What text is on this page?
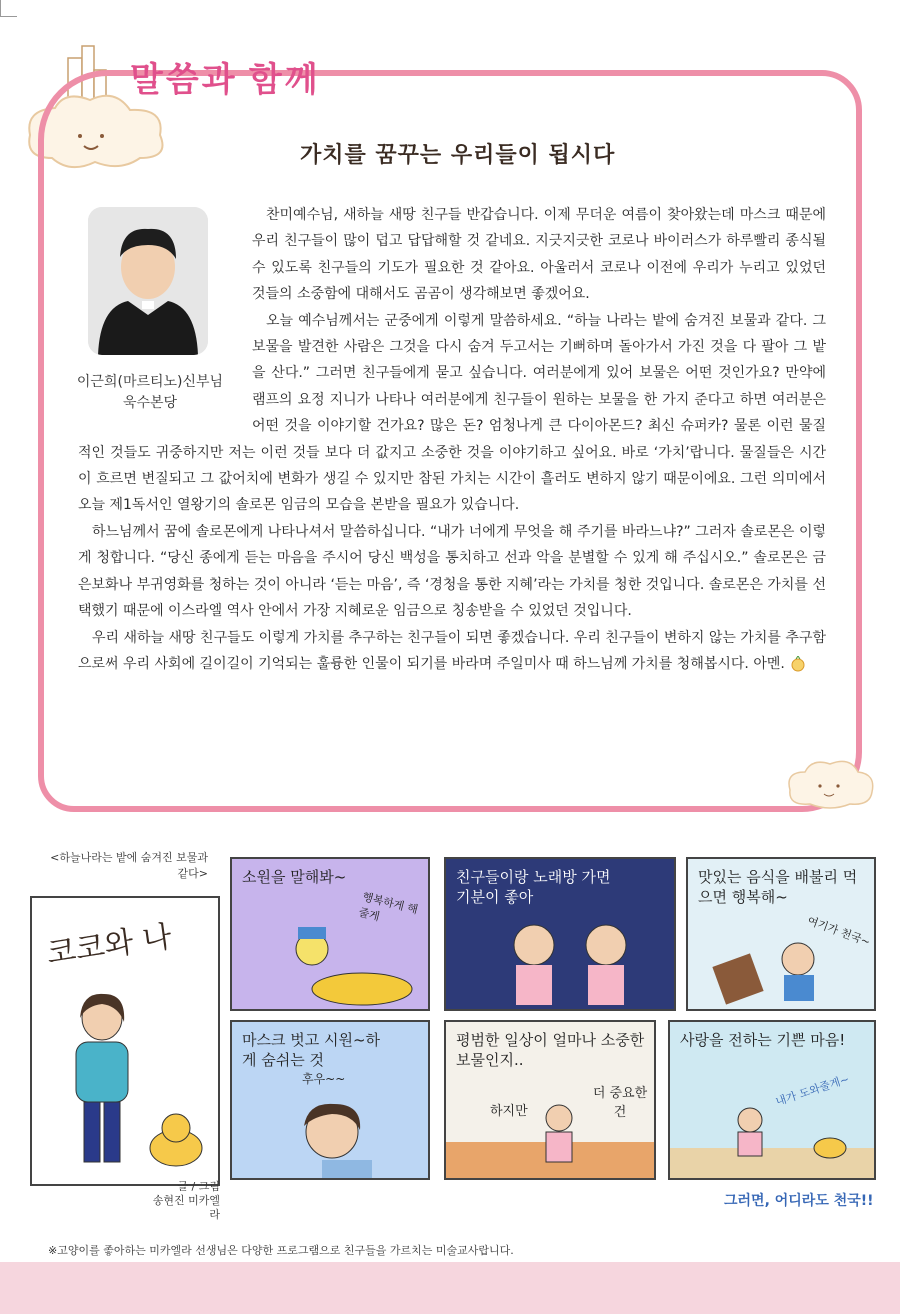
말씀과 함께
가치를 꿈꾸는 우리들이 됩시다
이근희(마르티노)신부님
욱수본당

찬미예수님, 새하늘 새땅 친구들 반갑습니다. 이제 무더운 여름이 찾아왔는데 마스크 때문에 우리 친구들이 많이 덥고 답답해할 것 같네요. 지긋지긋한 코로나 바이러스가 하루빨리 종식될 수 있도록 친구들의 기도가 필요한 것 같아요. 아울러서 코로나 이전에 우리가 누리고 있었던 것들의 소중함에 대해서도 곰곰이 생각해보면 좋겠어요.

오늘 예수님께서는 군중에게 이렇게 말씀하세요. “하늘 나라는 밭에 숨겨진 보물과 같다. 그 보물을 발견한 사람은 그것을 다시 숨겨 두고서는 기뻐하며 돌아가서 가진 것을 다 팔아 그 밭을 산다.” 그러면 친구들에게 묻고 싶습니다. 여러분에게 있어 보물은 어떤 것인가요? 만약에 램프의 요정 지니가 나타나 여러분에게 친구들이 원하는 보물을 한 가지 준다고 하면 여러분은 어떤 것을 이야기할 건가요? 많은 돈? 엄청나게 큰 다이아몬드? 최신 슈퍼카? 물론 이런 물질적인 것들도 귀중하지만 저는 이런 것들 보다 더 값지고 소중한 것을 이야기하고 싶어요. 바로 ‘가치’랍니다. 물질들은 시간이 흐르면 변질되고 그 값어치에 변화가 생길 수 있지만 참된 가치는 시간이 흘러도 변하지 않기 때문이에요. 그런 의미에서 오늘 제1독서인 열왕기의 솔로몬 임금의 모습을 본받을 필요가 있습니다.

하느님께서 꿈에 솔로몬에게 나타나셔서 말씀하십니다. “내가 너에게 무엇을 해 주기를 바라느냐?” 그러자 솔로몬은 이렇게 청합니다. “당신 종에게 듣는 마음을 주시어 당신 백성을 통치하고 선과 악을 분별할 수 있게 해 주십시오.” 솔로몬은 금은보화나 부귀영화를 청하는 것이 아니라 ‘듣는 마음’, 즉 ‘경청을 통한 지혜’라는 가치를 청한 것입니다. 솔로몬은 가치를 선택했기 때문에 이스라엘 역사 안에서 가장 지혜로운 임금으로 칭송받을 수 있었던 것입니다.

우리 새하늘 새땅 친구들도 이렇게 가치를 추구하는 친구들이 되면 좋겠습니다. 우리 친구들이 변하지 않는 가치를 추구함으로써 우리 사회에 길이길이 기억되는 훌륭한 인물이 되기를 바라며 주일미사 때 하느님께 가치를 청해봅시다. 아멘.

<하늘나라는 밭에 숨겨진 보물과 같다>
코코와 나
글 / 그림
송현진 미카엘라
소원을 말해봐~
행복하게 해줄게
친구들이랑 노래방 가면 기분이 좋아
맛있는 음식을 배불리 먹으면 행복해~
여기가 천국~
마스크 벗고 시원~하게 숨쉬는 것
후우~~
평범한 일상이 얼마나 소중한 보물인지..
하지만
더 중요한 건
사랑을 전하는 기쁜 마음!
내가 도와줄게~
그러면, 어디라도 천국!!
※고양이를 좋아하는 미카엘라 선생님은 다양한 프로그램으로 친구들을 가르치는 미술교사랍니다.
